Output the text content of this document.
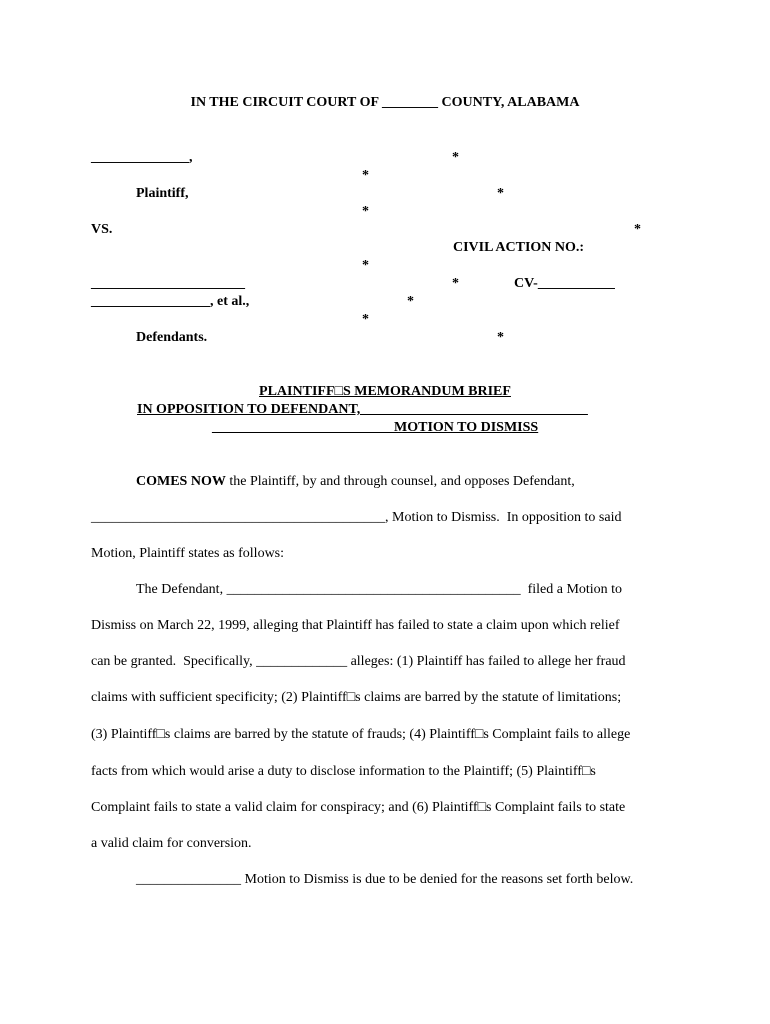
IN THE CIRCUIT COURT OF ________ COUNTY, ALABAMA
______________,
Plaintiff,
VS.
______________________
_________________, et al.,
Defendants.
*
*
*
*
*
*
*
*
*
*
CIVIL ACTION NO.:
CV-___________
PLAINTIFF□S MEMORANDUM BRIEF
IN OPPOSITION TO DEFENDANT, ________________________________
__________________________MOTION TO DISMISS
COMES NOW the Plaintiff, by and through counsel, and opposes Defendant,
__________________________________________, Motion to Dismiss.  In opposition to said
Motion, Plaintiff states as follows:
The Defendant, __________________________________________  filed a Motion to
Dismiss on March 22, 1999, alleging that Plaintiff has failed to state a claim upon which relief
can be granted.  Specifically, _____________ alleges: (1) Plaintiff has failed to allege her fraud
claims with sufficient specificity; (2) Plaintiff□s claims are barred by the statute of limitations;
(3) Plaintiff□s claims are barred by the statute of frauds; (4) Plaintiff□s Complaint fails to allege
facts from which would arise a duty to disclose information to the Plaintiff; (5) Plaintiff□s
Complaint fails to state a valid claim for conspiracy; and (6) Plaintiff□s Complaint fails to state
a valid claim for conversion.
_______________ Motion to Dismiss is due to be denied for the reasons set forth below.
